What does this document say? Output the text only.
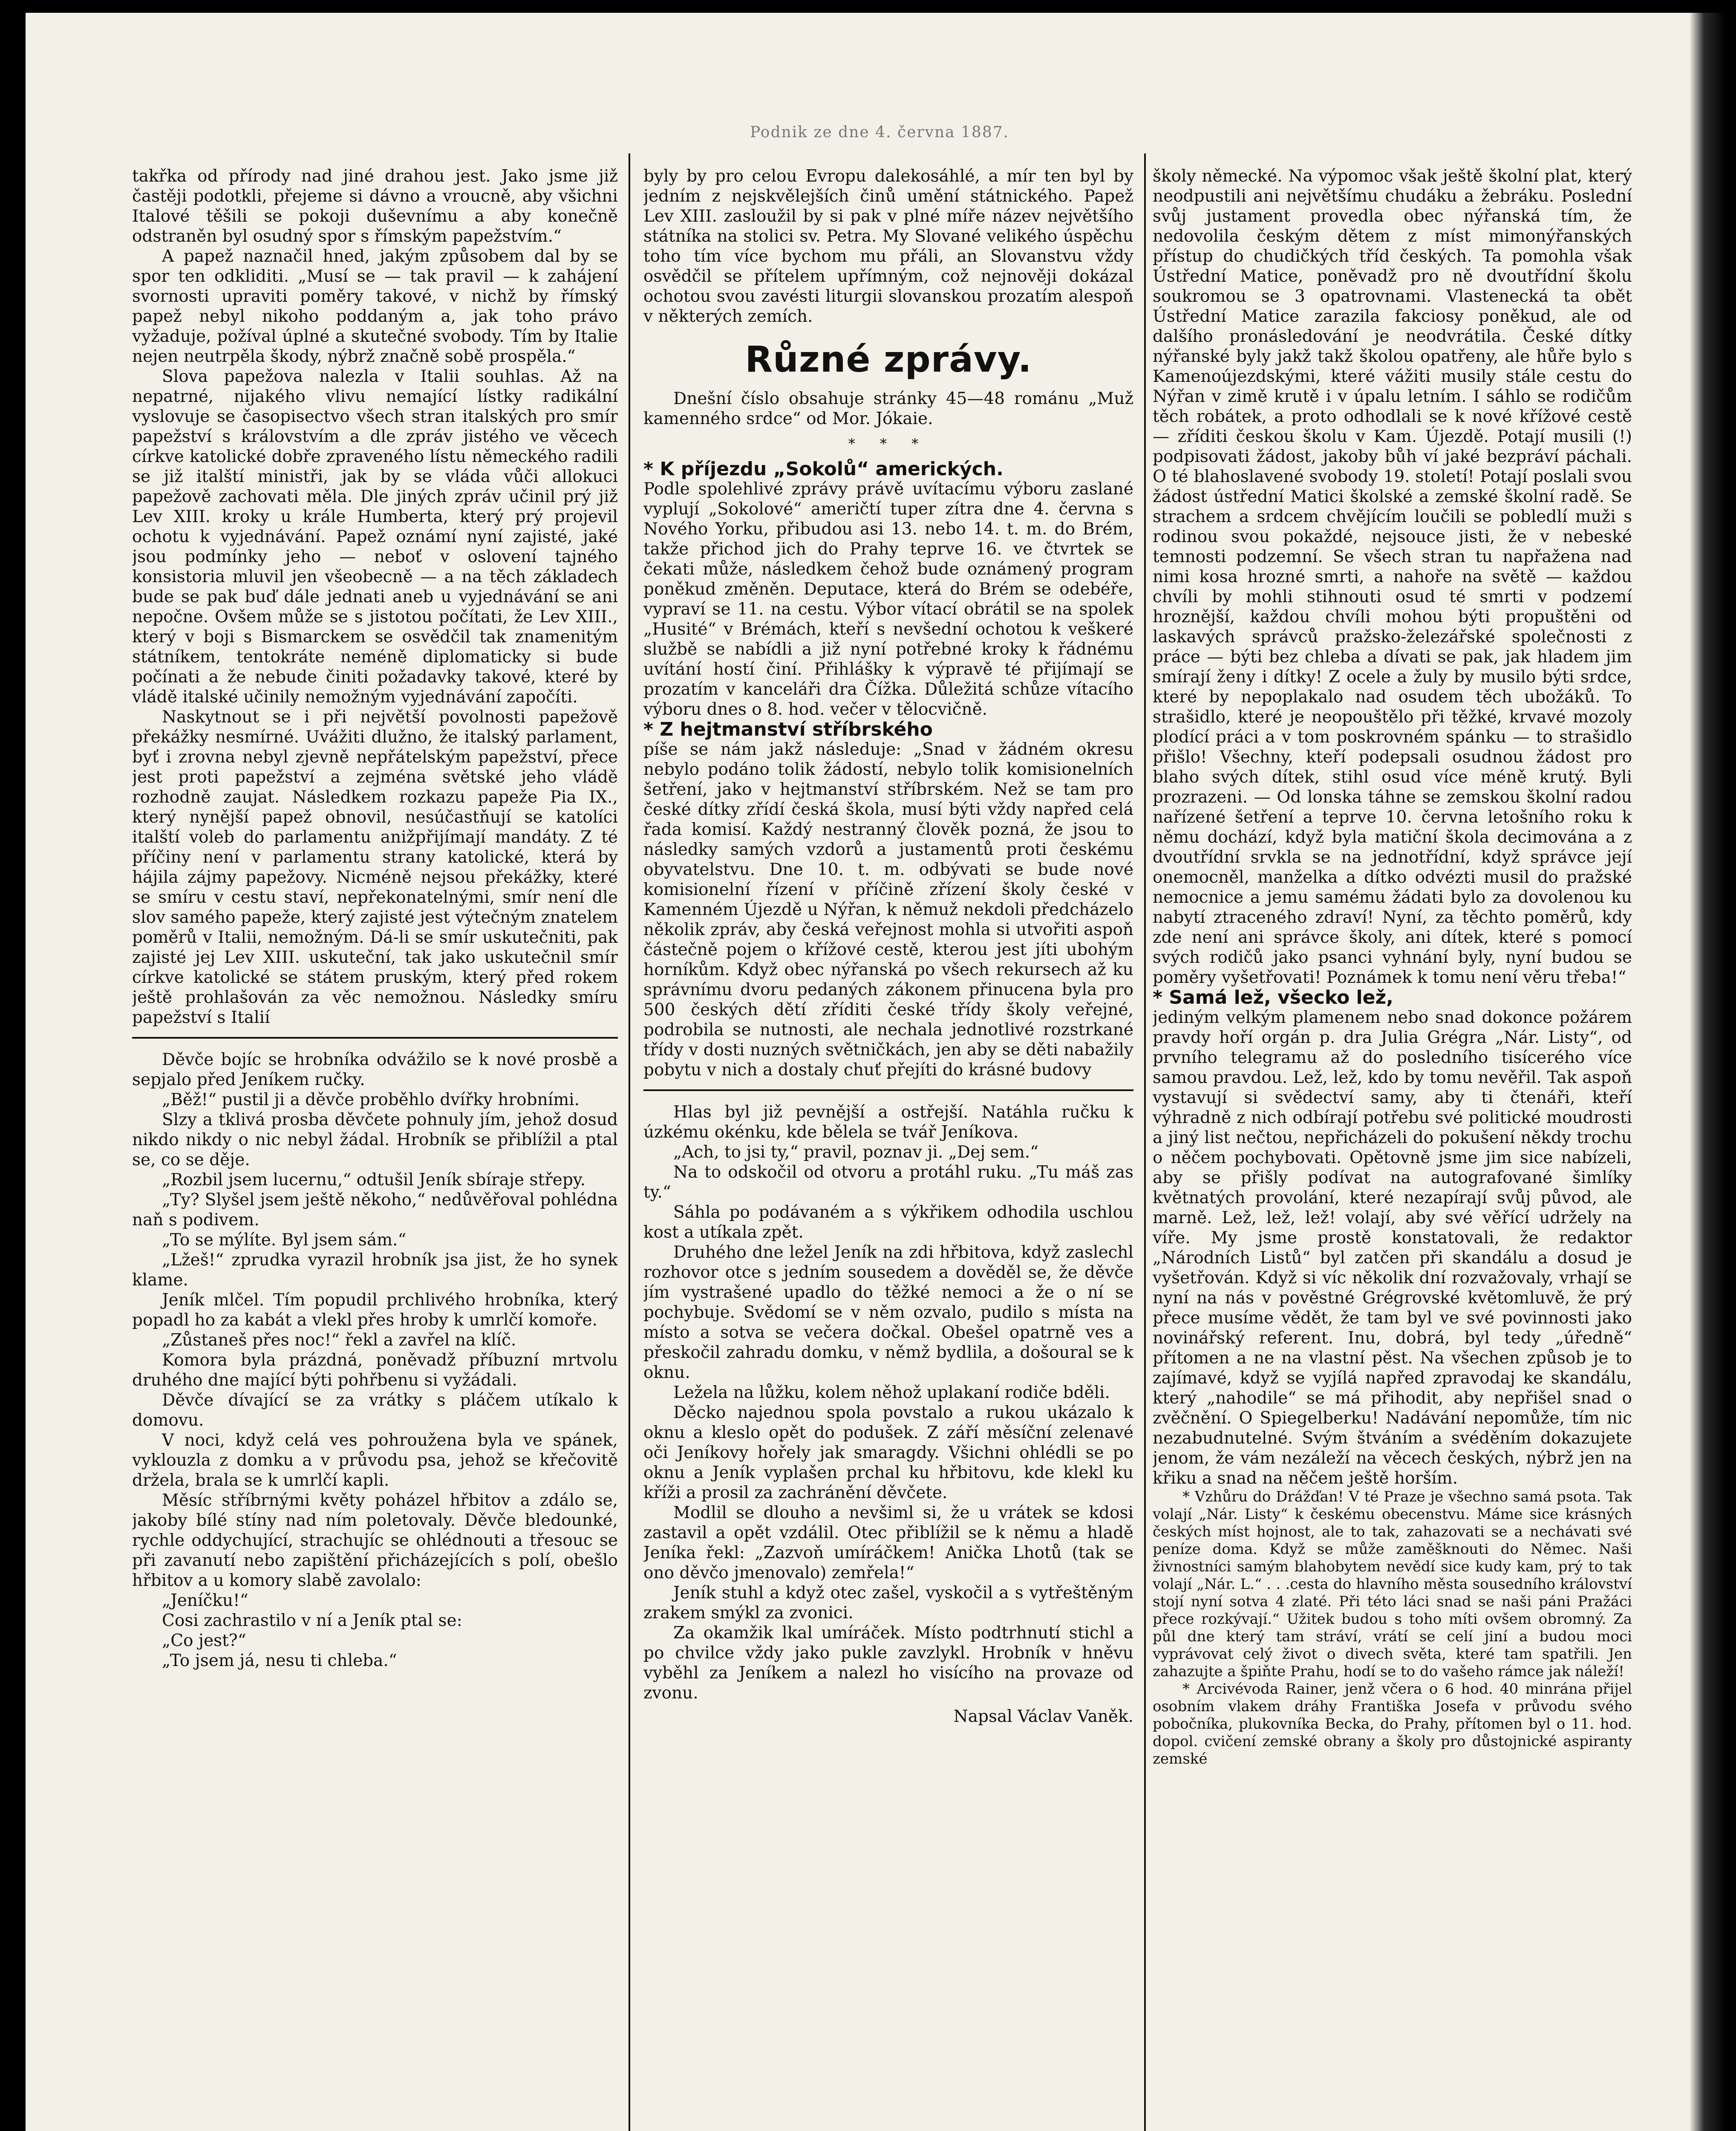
Podnik ze dne 4. června 1887.

takřka od přírody nad jiné drahou jest. Jako jsme již častěji podotkli, přejeme si dávno a vroucně, aby všichni Italové těšili se pokoji duševnímu a aby konečně odstraněn byl osudný spor s římským papežstvím.“

A papež naznačil hned, jakým způsobem dal by se spor ten odkliditi. „Musí se — tak pravil — k zahájení svornosti upraviti poměry takové, v nichž by římský papež nebyl nikoho poddaným a, jak toho právo vyžaduje, požíval úplné a skutečné svobody. Tím by Italie nejen neutrpěla škody, nýbrž značně sobě prospěla.“

Slova papežova nalezla v Italii souhlas. Až na nepatrné, nijakého vlivu nemající lístky radikální vyslovuje se časopisectvo všech stran italských pro smír papežství s královstvím a dle zpráv jistého ve věcech církve katolické dobře zpraveného lístu německého radili se již italští ministři, jak by se vláda vůči allokuci papežově zachovati měla. Dle jiných zpráv učinil prý již Lev XIII. kroky u krále Humberta, který prý projevil ochotu k vyjednávání. Papež oznámí nyní zajisté, jaké jsou podmínky jeho — neboť v oslovení tajného konsistoria mluvil jen všeobecně — a na těch základech bude se pak buď dále jednati aneb u vyjednávání se ani nepočne. Ovšem může se s jistotou počítati, že Lev XIII., který v boji s Bismarckem se osvědčil tak znamenitým státníkem, tentokráte neméně diplomaticky si bude počínati a že nebude činiti požadavky takové, které by vládě italské učinily nemožným vyjednávání započíti.

Naskytnout se i při největší povolnosti papežově překážky nesmírné. Uvážiti dlužno, že italský parlament, byť i zrovna nebyl zjevně nepřátelským papežství, přece jest proti papežství a zejména světské jeho vládě rozhodně zaujat. Následkem rozkazu papeže Pia IX., který nynější papež obnovil, nesúčastňují se katolíci italští voleb do parlamentu anižpřijímají mandáty. Z té příčiny není v parlamentu strany katolické, která by hájila zájmy papežovy. Nicméně nejsou překážky, které se smíru v cestu staví, nepřekonatelnými, smír není dle slov samého papeže, který zajisté jest výtečným znatelem poměrů v Italii, nemožným. Dá-li se smír uskutečniti, pak zajisté jej Lev XIII. uskuteční, tak jako uskutečnil smír církve katolické se státem pruským, který před rokem ještě prohlašován za věc nemožnou. Následky smíru papežství s Italií

Děvče bojíc se hrobníka odvážilo se k nové prosbě a sepjalo před Jeníkem ručky.

„Běž!“ pustil ji a děvče proběhlo dvířky hrobními.

Slzy a tklivá prosba děvčete pohnuly jím, jehož dosud nikdo nikdy o nic nebyl žádal. Hrobník se přiblížil a ptal se, co se děje.

„Rozbil jsem lucernu,“ odtušil Jeník sbíraje střepy.

„Ty? Slyšel jsem ještě někoho,“ nedůvěřoval pohlédna naň s podivem.

„To se mýlíte. Byl jsem sám.“

„Lžeš!“ zprudka vyrazil hrobník jsa jist, že ho synek klame.

Jeník mlčel. Tím popudil prchlivého hrobníka, který popadl ho za kabát a vlekl přes hroby k umrlčí komoře.

„Zůstaneš přes noc!“ řekl a zavřel na klíč.

Komora byla prázdná, poněvadž příbuzní mrtvolu druhého dne mající býti pohřbenu si vyžádali.

Děvče dívající se za vrátky s pláčem utíkalo k domovu.

V noci, když celá ves pohroužena byla ve spánek, vyklouzla z domku a v průvodu psa, jehož se křečovitě držela, brala se k umrlčí kapli.

Měsíc stříbrnými květy poházel hřbitov a zdálo se, jakoby bílé stíny nad ním poletovaly. Děvče bledounké, rychle oddychující, strachujíc se ohlédnouti a třesouc se při zavanutí nebo zapištění přicházejících s polí, obešlo hřbitov a u komory slabě zavolalo:

„Jeníčku!“

Cosi zachrastilo v ní a Jeník ptal se:

„Co jest?“

„To jsem já, nesu ti chleba.“

byly by pro celou Evropu dalekosáhlé, a mír ten byl by jedním z nejskvělejších činů umění státnického. Papež Lev XIII. zasloužil by si pak v plné míře název největšího státníka na stolici sv. Petra. My Slované velikého úspěchu toho tím více bychom mu přáli, an Slovanstvu vždy osvědčil se přítelem upřímným, což nejnověji dokázal ochotou svou zavésti liturgii slovanskou prozatím alespoň v některých zemích.

Různé zprávy.

Dnešní číslo obsahuje stránky 45—48 románu „Muž kamenného srdce“ od Mor. Jókaie.

* * *
* K příjezdu „Sokolů“ amerických.

Podle spolehlivé zprávy právě uvítacímu výboru zaslané vyplují „Sokolové“ američtí tuper zítra dne 4. června s Nového Yorku, přibudou asi 13. nebo 14. t. m. do Brém, takže přichod jich do Prahy teprve 16. ve čtvrtek se čekati může, následkem čehož bude oznámený program poněkud změněn. Deputace, která do Brém se odebéře, vypraví se 11. na cestu. Výbor vítací obrátil se na spolek „Husité“ v Brémách, kteří s nevšední ochotou k veškeré službě se nabídli a již nyní potřebné kroky k řádnému uvítání hostí činí. Přihlášky k výpravě té přijímají se prozatím v kanceláři dra Čížka. Důležitá schůze vítacího výboru dnes o 8. hod. večer v tělocvičně.

* Z hejtmanství stříbrského

píše se nám jakž následuje: „Snad v žádném okresu nebylo podáno tolik žádostí, nebylo tolik komisionelních šetření, jako v hejtmanství stříbrském. Než se tam pro české dítky zřídí česká škola, musí býti vždy napřed celá řada komisí. Každý nestranný člověk pozná, že jsou to následky samých vzdorů a justamentů proti českému obyvatelstvu. Dne 10. t. m. odbývati se bude nové komisionelní řízení v příčině zřízení školy české v Kamenném Újezdě u Nýřan, k němuž nekdoli předcházelo několik zpráv, aby česká veřejnost mohla si utvořiti aspoň částečně pojem o křížové cestě, kterou jest jíti ubohým horníkům. Když obec nýřanská po všech rekursech až ku správnímu dvoru pedaných zákonem přinucena byla pro 500 českých dětí zříditi české třídy školy veřejné, podrobila se nutnosti, ale nechala jednotlivé rozstrkané třídy v dosti nuzných světničkách, jen aby se děti nabažily pobytu v nich a dostaly chuť přejíti do krásné budovy

Hlas byl již pevnější a ostřejší. Natáhla ručku k úzkému okénku, kde bělela se tvář Jeníkova.

„Ach, to jsi ty,“ pravil, poznav ji. „Dej sem.“

Na to odskočil od otvoru a protáhl ruku. „Tu máš zas ty.“

Sáhla po podávaném a s výkřikem odhodila uschlou kost a utíkala zpět.

Druhého dne ležel Jeník na zdi hřbitova, když zaslechl rozhovor otce s jedním sousedem a dověděl se, že děvče jím vystrašené upadlo do těžké nemoci a že o ní se pochybuje. Svědomí se v něm ozvalo, pudilo s místa na místo a sotva se večera dočkal. Obešel opatrně ves a přeskočil zahradu domku, v němž bydlila, a došoural se k oknu.

Ležela na lůžku, kolem něhož uplakaní rodiče bděli.

Děcko najednou spola povstalo a rukou ukázalo k oknu a kleslo opět do podušek. Z září měsíční zelenavé oči Jeníkovy hořely jak smaragdy. Všichni ohlédli se po oknu a Jeník vyplašen prchal ku hřbitovu, kde klekl ku kříži a prosil za zachránění děvčete.

Modlil se dlouho a nevšiml si, že u vrátek se kdosi zastavil a opět vzdálil. Otec přiblížil se k němu a hladě Jeníka řekl: „Zazvoň umíráčkem! Anička Lhotů (tak se ono děvčo jmenovalo) zemřela!“

Jeník stuhl a když otec zašel, vyskočil a s vytřeštěným zrakem smýkl za zvonici.

Za okamžik lkal umíráček. Místo podtrhnutí stichl a po chvilce vždy jako pukle zavzlykl. Hrobník v hněvu vyběhl za Jeníkem a nalezl ho visícího na provaze od zvonu.

Napsal Václav Vaněk.

školy německé. Na výpomoc však ještě školní plat, který neodpustili ani největšímu chudáku a žebráku. Poslední svůj justament provedla obec nýřanská tím, že nedovolila českým dětem z míst mimonýřanských přístup do chudičkých tříd českých. Ta pomohla však Ústřední Matice, poněvadž pro ně dvoutřídní školu soukromou se 3 opatrovnami. Vlastenecká ta obět Ústřední Matice zarazila fakciosy poněkud, ale od dalšího pronásledování je neodvrátila. České dítky nýřanské byly jakž takž školou opatřeny, ale hůře bylo s Kamenoújezdskými, které vážiti musily stále cestu do Nýřan v zimě krutě i v úpalu letním. I sáhlo se rodičům těch robátek, a proto odhodlali se k nové křížové cestě — zříditi českou školu v Kam. Újezdě. Potají musili (!) podpisovati žádost, jakoby bůh ví jaké bezpráví páchali. O té blahoslavené svobody 19. století! Potají poslali svou žádost ústřední Matici školské a zemské školní radě. Se strachem a srdcem chvějícím loučili se pobledlí muži s rodinou svou pokaždé, nejsouce jisti, že v nebeské temnosti podzemní. Se všech stran tu napřažena nad nimi kosa hrozné smrti, a nahoře na světě — každou chvíli by mohli stihnouti osud té smrti v podzemí hroznější, každou chvíli mohou býti propuštěni od laskavých správců pražsko-železářské společnosti z práce — býti bez chleba a dívati se pak, jak hladem jim smírají ženy i dítky! Z ocele a žuly by musilo býti srdce, které by nepoplakalo nad osudem těch ubožáků. To strašidlo, které je neopouštělo při těžké, krvavé mozoly plodící práci a v tom poskrovném spánku — to strašidlo přišlo! Všechny, kteří podepsali osudnou žádost pro blaho svých dítek, stihl osud více méně krutý. Byli prozrazeni. — Od lonska táhne se zemskou školní radou nařízené šetření a teprve 10. června letošního roku k němu dochází, když byla matiční škola decimována a z dvoutřídní srvkla se na jednotřídní, když správce její onemocněl, manželka a dítko odvézti musil do pražské nemocnice a jemu samému žádati bylo za dovolenou ku nabytí ztraceného zdraví! Nyní, za těchto poměrů, kdy zde není ani správce školy, ani dítek, které s pomocí svých rodičů jako psanci vyhnání byly, nyní budou se poměry vyšetřovati! Poznámek k tomu není věru třeba!“

* Samá lež, všecko lež,

jediným velkým plamenem nebo snad dokonce požárem pravdy hoří orgán p. dra Julia Grégra „Nár. Listy“, od prvního telegramu až do posledního tisícerého více samou pravdou. Lež, lež, kdo by tomu nevěřil. Tak aspoň vystavují si svědectví samy, aby ti čtenáři, kteří výhradně z nich odbírají potřebu své politické moudrosti a jiný list nečtou, nepřicházeli do pokušení někdy trochu o něčem pochybovati. Opětovně jsme jim sice nabízeli, aby se přišly podívat na autografované šimlíky květnatých provolání, které nezapírají svůj původ, ale marně. Lež, lež, lež! volají, aby své věřící udržely na víře. My jsme prostě konstatovali, že redaktor „Národních Listů“ byl zatčen při skandálu a dosud je vyšetřován. Když si víc několik dní rozvažovaly, vrhají se nyní na nás v pověstné Grégrovské květomluvě, že prý přece musíme vědět, že tam byl ve své povinnosti jako novinářský referent. Inu, dobrá, byl tedy „úředně“ přítomen a ne na vlastní pěst. Na všechen způsob je to zajímavé, když se vyjílá napřed zpravodaj ke skandálu, který „nahodile“ se má přihodit, aby nepřišel snad o zvěčnění. O Spiegelberku! Nadávání nepomůže, tím nic nezabudnutelné. Svým štváním a svéděním dokazujete jenom, že vám nezáleží na věcech českých, nýbrž jen na křiku a snad na něčem ještě horším.

* Vzhůru do Drážďan! V té Praze je všechno samá psota. Tak volají „Nár. Listy“ k českému obecenstvu. Máme sice krásných českých míst hojnost, ale to tak, zahazovati se a nechávati své peníze doma. Když se může zaměšknouti do Němec. Naši živnostníci samým blahobytem nevědí sice kudy kam, prý to tak volají „Nár. L.“ . . .cesta do hlavního města sousedního království stojí nyní sotva 4 zlaté. Při této láci snad se naši páni Pražáci přece rozkývají.“ Užitek budou s toho míti ovšem obromný. Za půl dne který tam stráví, vrátí se celí jiní a budou moci vyprávovat celý život o divech světa, které tam spatřili. Jen zahazujte a špiňte Prahu, hodí se to do vašeho rámce jak náleží!

* Arcivévoda Rainer, jenž včera o 6 hod. 40 minrána přijel osobním vlakem dráhy Františka Josefa v průvodu svého pobočníka, plukovníka Becka, do Prahy, přítomen byl o 11. hod. dopol. cvičení zemské obrany a školy pro důstojnické aspiranty zemské
